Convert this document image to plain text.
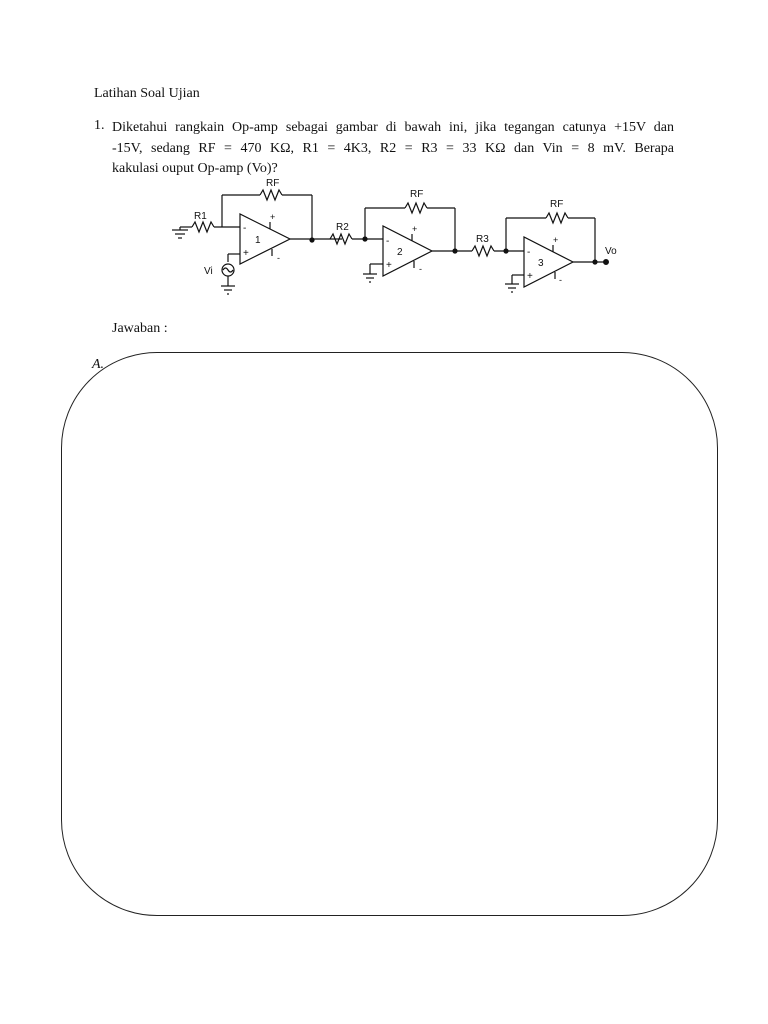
Latihan Soal Ujian
1. Diketahui rangkain Op-amp sebagai gambar di bawah ini, jika tegangan catunya +15V dan
-15V, sedang RF = 470 KΩ, R1 = 4K3, R2 = R3 = 33 KΩ dan Vin = 8 mV. Berapa
kakulasi ouput Op-amp (Vo)?

R1
RF
1
-
+
+
-
Vi
R2
RF
2
-
+
+
-
R3
RF
3
-
+
+
-
Vo
Jawaban :
A.
